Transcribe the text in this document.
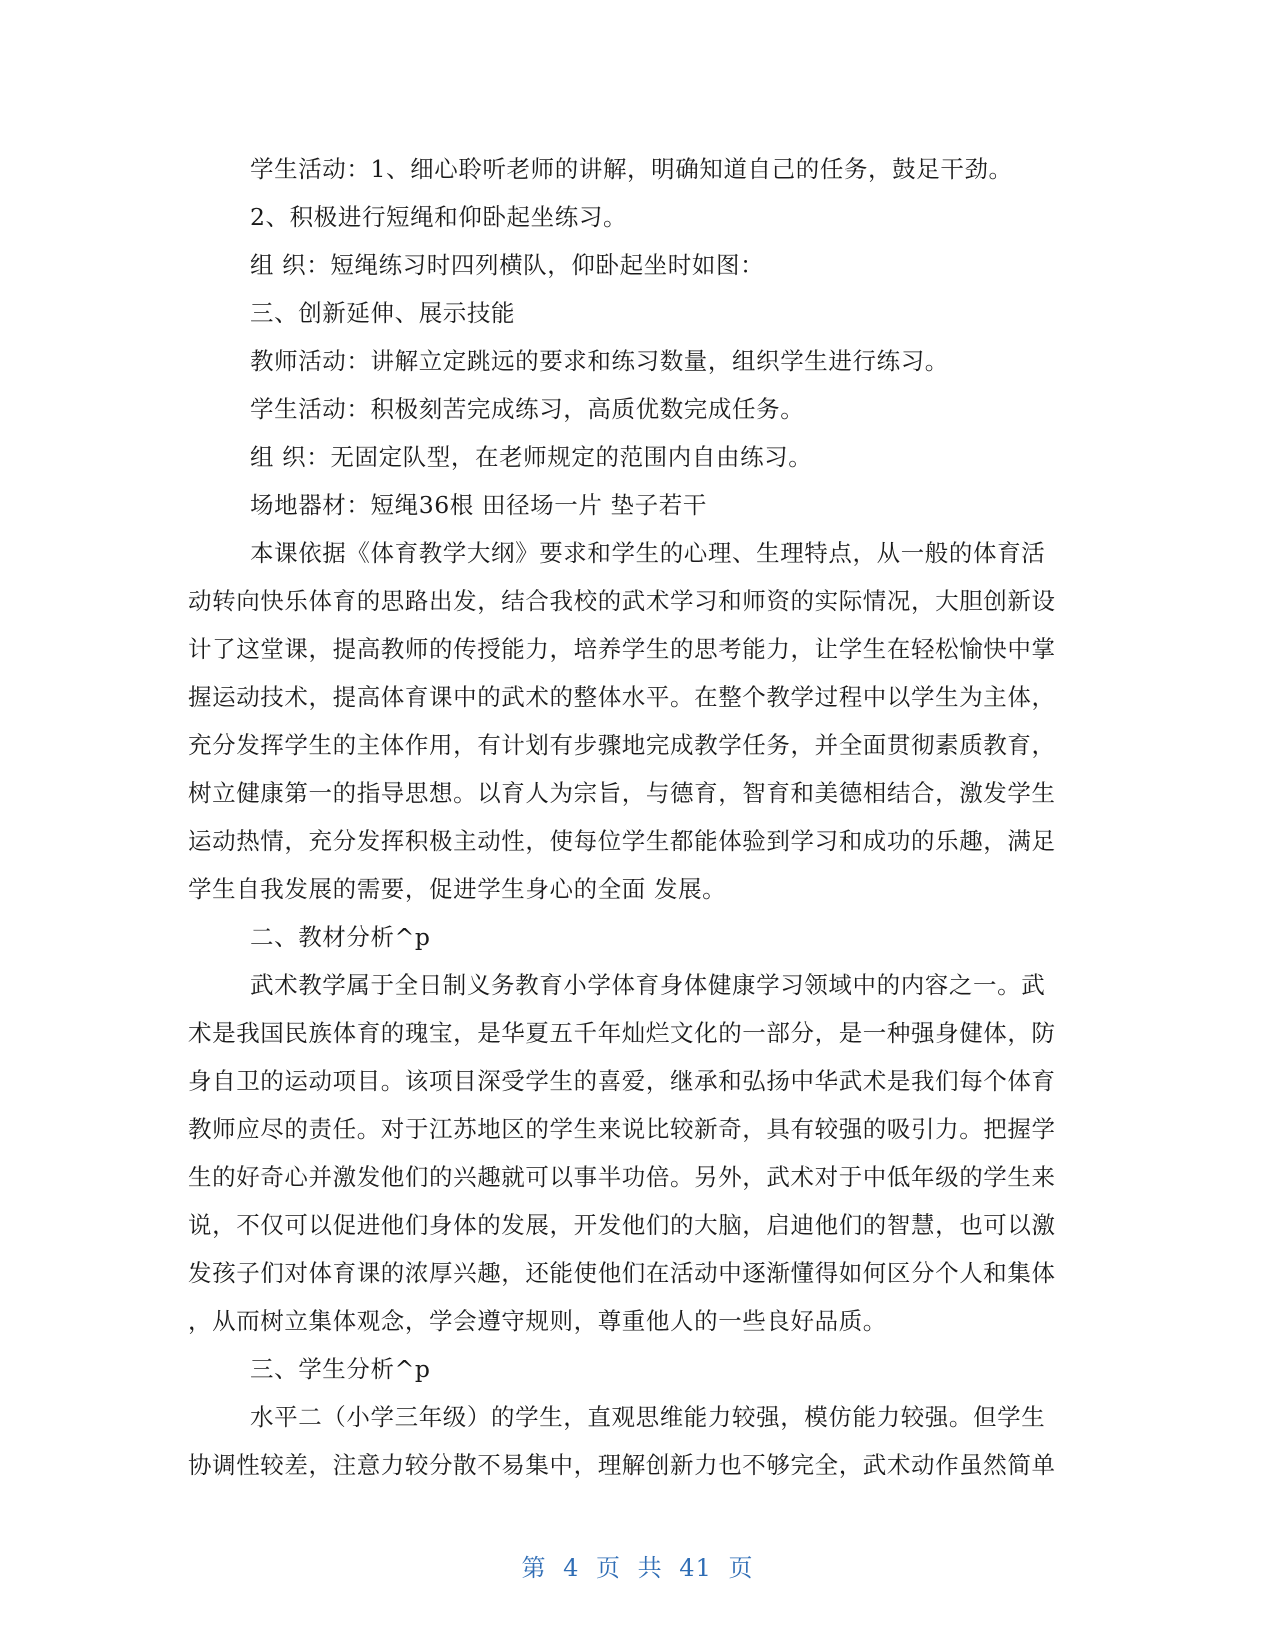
学生活动：1、细心聆听老师的讲解，明确知道自己的任务，鼓足干劲。
2、积极进行短绳和仰卧起坐练习。
组 织：短绳练习时四列横队，仰卧起坐时如图：
三、创新延伸、展示技能
教师活动：讲解立定跳远的要求和练习数量，组织学生进行练习。
学生活动：积极刻苦完成练习，高质优数完成任务。
组 织：无固定队型，在老师规定的范围内自由练习。
场地器材：短绳36根 田径场一片 垫子若干
本课依据《体育教学大纲》要求和学生的心理、生理特点，从一般的体育活
动转向快乐体育的思路出发，结合我校的武术学习和师资的实际情况，大胆创新设
计了这堂课，提高教师的传授能力，培养学生的思考能力，让学生在轻松愉快中掌
握运动技术，提高体育课中的武术的整体水平。在整个教学过程中以学生为主体，
充分发挥学生的主体作用，有计划有步骤地完成教学任务，并全面贯彻素质教育，
树立健康第一的指导思想。以育人为宗旨，与德育，智育和美德相结合，激发学生
运动热情，充分发挥积极主动性，使每位学生都能体验到学习和成功的乐趣，满足
学生自我发展的需要，促进学生身心的全面 发展。
二、教材分析^p
武术教学属于全日制义务教育小学体育身体健康学习领域中的内容之一。武
术是我国民族体育的瑰宝，是华夏五千年灿烂文化的一部分，是一种强身健体，防
身自卫的运动项目。该项目深受学生的喜爱，继承和弘扬中华武术是我们每个体育
教师应尽的责任。对于江苏地区的学生来说比较新奇，具有较强的吸引力。把握学
生的好奇心并激发他们的兴趣就可以事半功倍。另外，武术对于中低年级的学生来
说，不仅可以促进他们身体的发展，开发他们的大脑，启迪他们的智慧，也可以激
发孩子们对体育课的浓厚兴趣，还能使他们在活动中逐渐懂得如何区分个人和集体
，从而树立集体观念，学会遵守规则，尊重他人的一些良好品质。
三、学生分析^p
水平二（小学三年级）的学生，直观思维能力较强，模仿能力较强。但学生
协调性较差，注意力较分散不易集中，理解创新力也不够完全，武术动作虽然简单
第 4 页 共 41 页
